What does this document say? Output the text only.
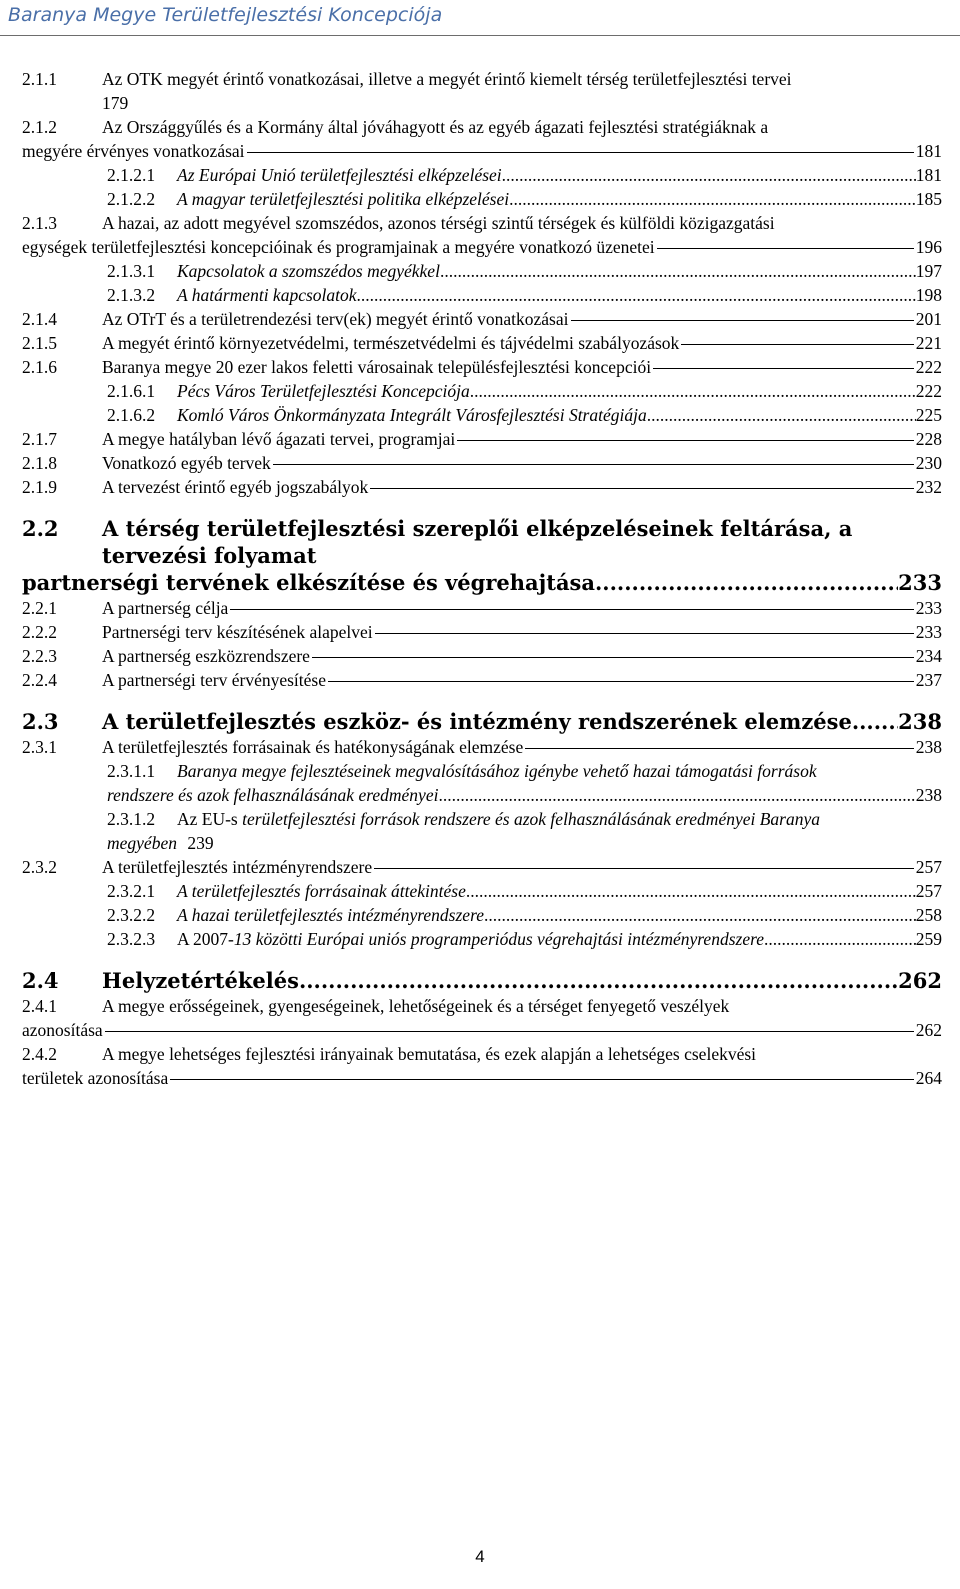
Baranya Megye Területfejlesztési Koncepciója
2.1.1	Az OTK megyét érintő vonatkozásai, illetve a megyét érintő kiemelt térség területfejlesztési tervei
179
2.1.2	Az Országgyűlés és a Kormány által jóváhagyott és az egyéb ágazati fejlesztési stratégiáknak a
megyére érvényes vonatkozásai	181
2.1.2.1 Az Európai Unió területfejlesztési elképzelései .....	181
2.1.2.2 A magyar területfejlesztési politika elképzelései .....	185
2.1.3	A hazai, az adott megyével szomszédos, azonos térségi szintű térségek és külföldi közigazgatási
egységek területfejlesztési koncepcióinak és programjainak a megyére vonatkozó üzenetei	196
2.1.3.1 Kapcsolatok a szomszédos megyékkel .....	197
2.1.3.2 A határmenti kapcsolatok .....	198
2.1.4	Az OTrT és a területrendezési terv(ek) megyét érintő vonatkozásai	201
2.1.5	A megyét érintő környezetvédelmi, természetvédelmi és tájvédelmi szabályozások	221
2.1.6	Baranya megye 20 ezer lakos feletti városainak településfejlesztési koncepciói	222
2.1.6.1 Pécs Város Területfejlesztési Koncepciója .....	222
2.1.6.2 Komló Város Önkormányzata Integrált Városfejlesztési Stratégiája .....	225
2.1.7	A megye hatályban lévő ágazati tervei, programjai	228
2.1.8	Vonatkozó egyéb tervek	230
2.1.9	A tervezést érintő egyéb jogszabályok	232
2.2	A térség területfejlesztési szereplői elképzeléseinek feltárása, a tervezési folyamat
partnerségi tervének elkészítése és végrehajtása .....	233
2.2.1	A partnerség célja	233
2.2.2	Partnerségi terv készítésének alapelvei	233
2.2.3	A partnerség eszközrendszere	234
2.2.4	A partnerségi terv érvényesítése	237
2.3 A területfejlesztés eszköz- és intézmény rendszerének elemzése ..... 238
2.3.1	A területfejlesztés forrásainak és hatékonyságának elemzése	238
2.3.1.1	Baranya megye fejlesztéseinek megvalósításához igénybe vehető hazai támogatási források
rendszere és azok felhasználásának eredményei .....	238
2.3.1.2	Az EU-s területfejlesztési források rendszere és azok felhasználásának eredményei Baranya
megyében 239
2.3.2	A területfejlesztés intézményrendszere	257
2.3.2.1 A területfejlesztés forrásainak áttekintése .....	257
2.3.2.2 A hazai területfejlesztés intézményrendszere .....	258
2.3.2.3 A 2007-13 közötti Európai uniós programperiódus végrehajtási intézményrendszere .....	259
2.4 Helyzetértékelés .....	262
2.4.1	A megye erősségeinek, gyengeségeinek, lehetőségeinek és a térséget fenyegető veszélyek
azonosítása	262
2.4.2	A megye lehetséges fejlesztési irányainak bemutatása, és ezek alapján a lehetséges cselekvési
területek azonosítása	264
4
